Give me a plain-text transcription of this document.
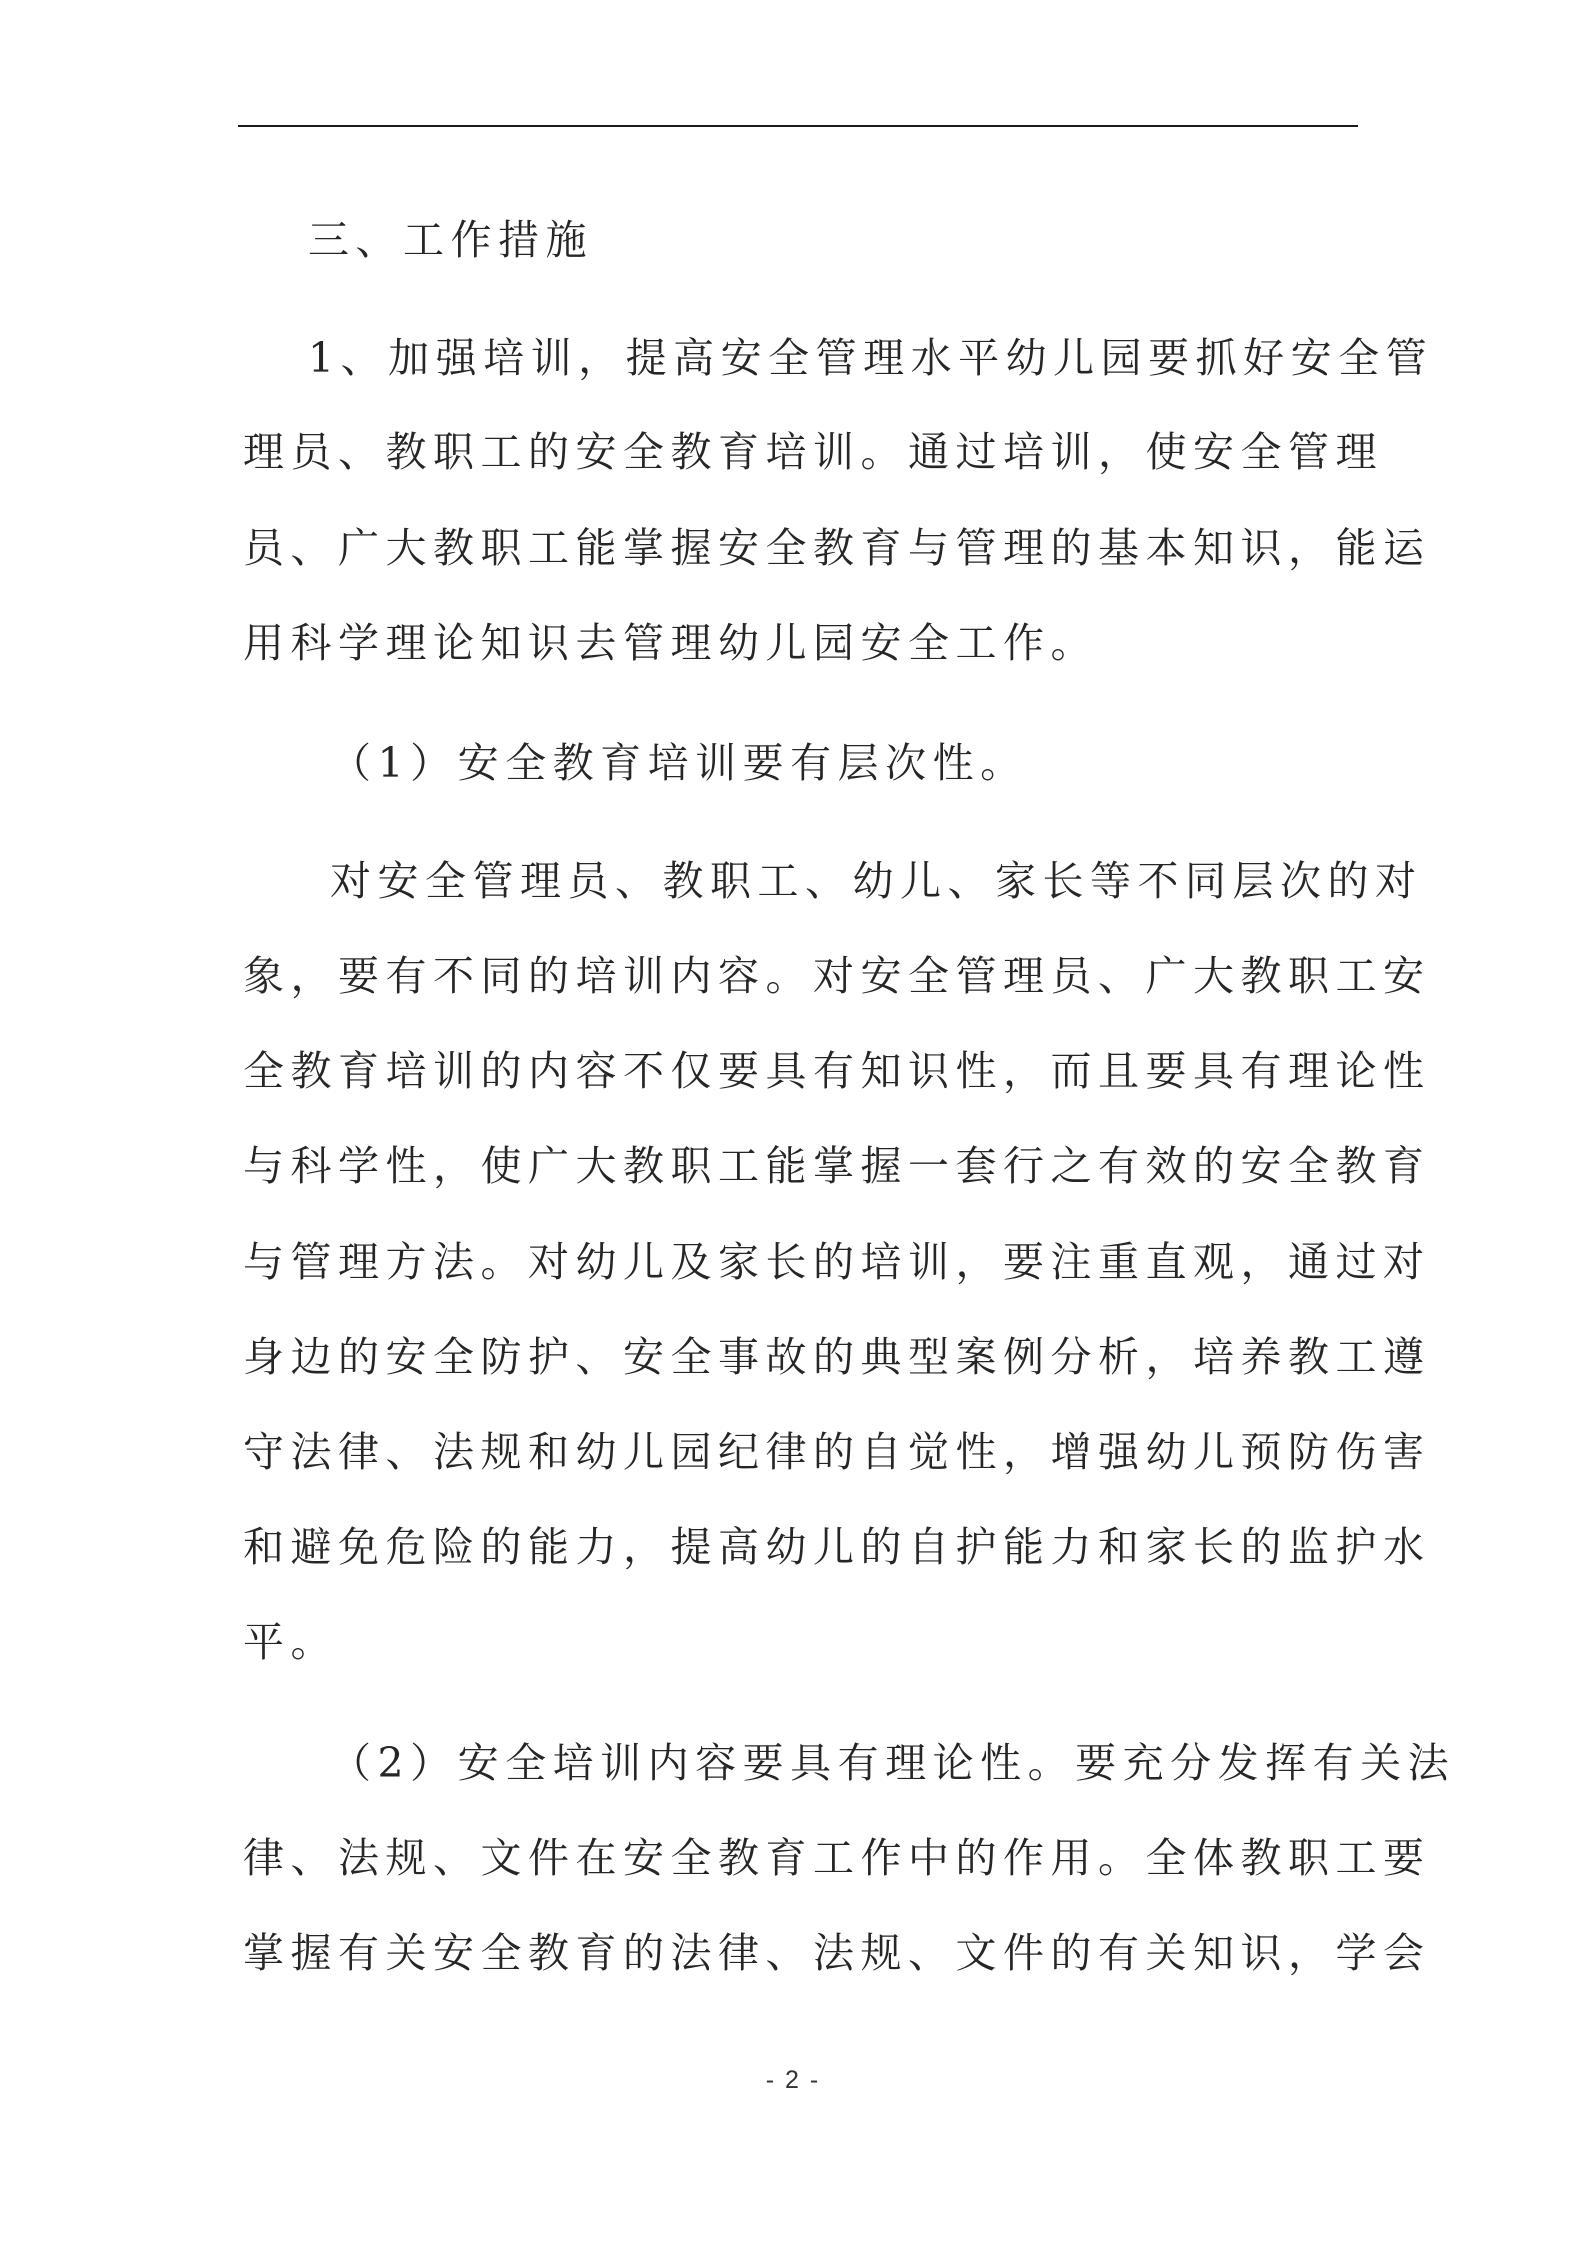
三、工作措施
1、加强培训，提高安全管理水平幼儿园要抓好安全管
理员、教职工的安全教育培训。通过培训，使安全管理
员、广大教职工能掌握安全教育与管理的基本知识，能运
用科学理论知识去管理幼儿园安全工作。
（1）安全教育培训要有层次性。
对安全管理员、教职工、幼儿、家长等不同层次的对
象，要有不同的培训内容。对安全管理员、广大教职工安
全教育培训的内容不仅要具有知识性，而且要具有理论性
与科学性，使广大教职工能掌握一套行之有效的安全教育
与管理方法。对幼儿及家长的培训，要注重直观，通过对
身边的安全防护、安全事故的典型案例分析，培养教工遵
守法律、法规和幼儿园纪律的自觉性，增强幼儿预防伤害
和避免危险的能力，提高幼儿的自护能力和家长的监护水
平。
（2）安全培训内容要具有理论性。要充分发挥有关法
律、法规、文件在安全教育工作中的作用。全体教职工要
掌握有关安全教育的法律、法规、文件的有关知识，学会
- 2 -
